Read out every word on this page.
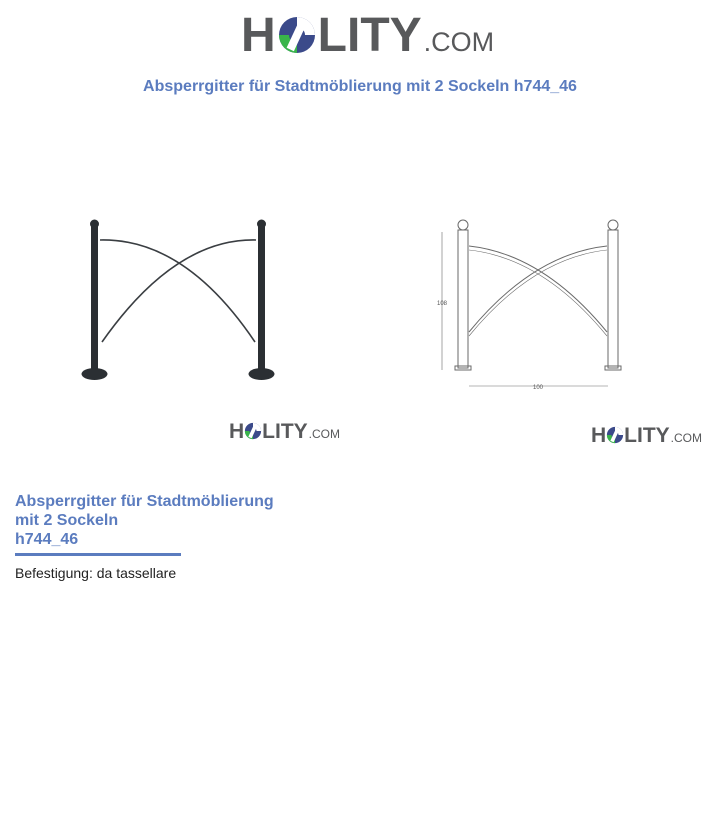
H LITY .COM
Absperrgitter für Stadtmöblierung mit 2 Sockeln h744_46
H LITY .COM
108
100
H LITY .COM
Absperrgitter für Stadtmöblierung
mit 2 Sockeln
h744_46
Befestigung: da tassellare
